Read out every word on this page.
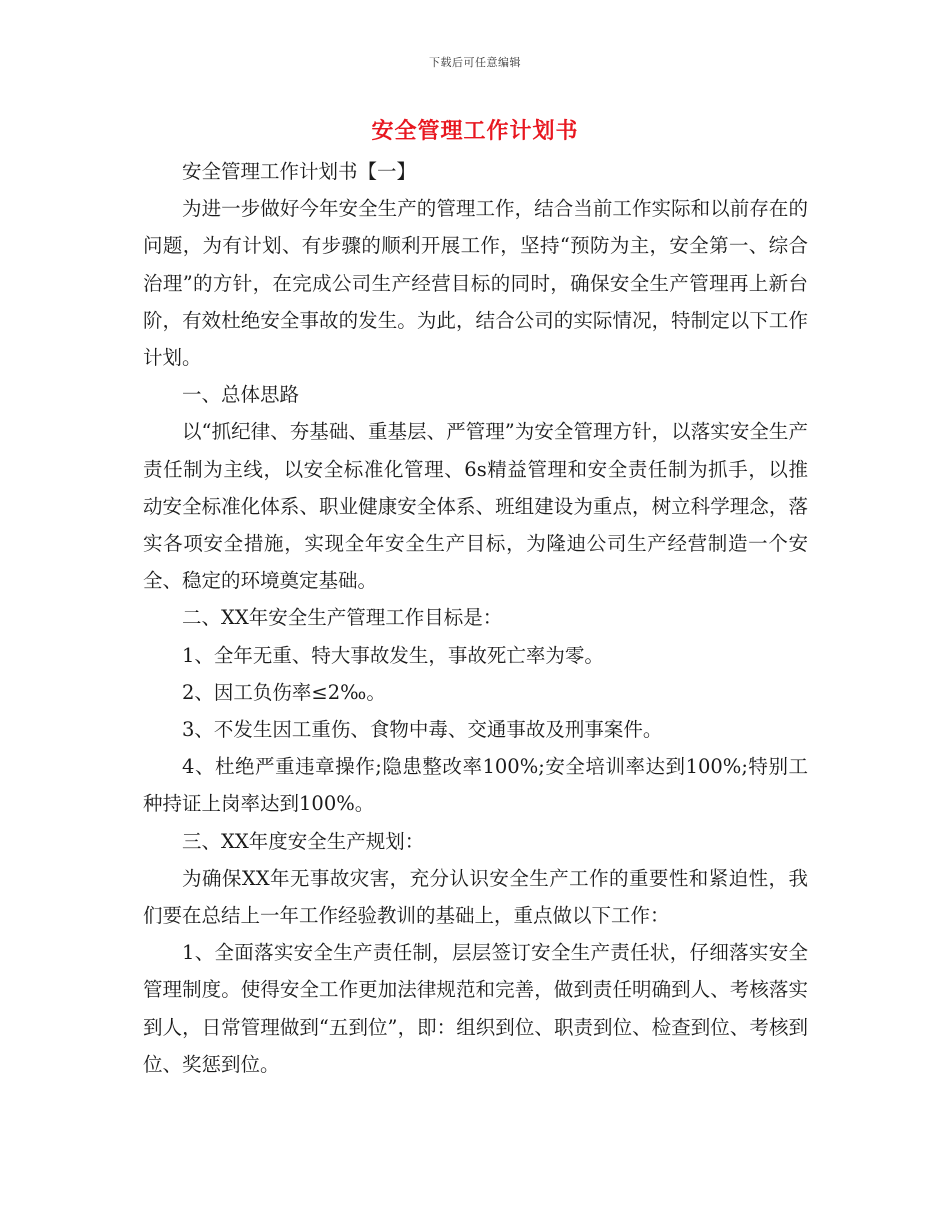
下载后可任意编辑
安全管理工作计划书

安全管理工作计划书【一】

为进一步做好今年安全生产的管理工作，结合当前工作实际和以前存在的问题，为有计划、有步骤的顺利开展工作，坚持“预防为主，安全第一、综合治理”的方针，在完成公司生产经营目标的同时，确保安全生产管理再上新台阶，有效杜绝安全事故的发生。为此，结合公司的实际情况，特制定以下工作计划。

一、总体思路

以“抓纪律、夯基础、重基层、严管理”为安全管理方针，以落实安全生产责任制为主线，以安全标准化管理、6s精益管理和安全责任制为抓手，以推动安全标准化体系、职业健康安全体系、班组建设为重点，树立科学理念，落实各项安全措施，实现全年安全生产目标，为隆迪公司生产经营制造一个安全、稳定的环境奠定基础。

二、XX年安全生产管理工作目标是：

1、全年无重、特大事故发生，事故死亡率为零。

2、因工负伤率≤2‰。

3、不发生因工重伤、食物中毒、交通事故及刑事案件。

4、杜绝严重违章操作;隐患整改率100%;安全培训率达到100%;特别工种持证上岗率达到100%。

三、XX年度安全生产规划：

为确保XX年无事故灾害，充分认识安全生产工作的重要性和紧迫性，我们要在总结上一年工作经验教训的基础上，重点做以下工作：

1、全面落实安全生产责任制，层层签订安全生产责任状，仔细落实安全管理制度。使得安全工作更加法律规范和完善，做到责任明确到人、考核落实到人，日常管理做到“五到位”，即：组织到位、职责到位、检查到位、考核到位、奖惩到位。
